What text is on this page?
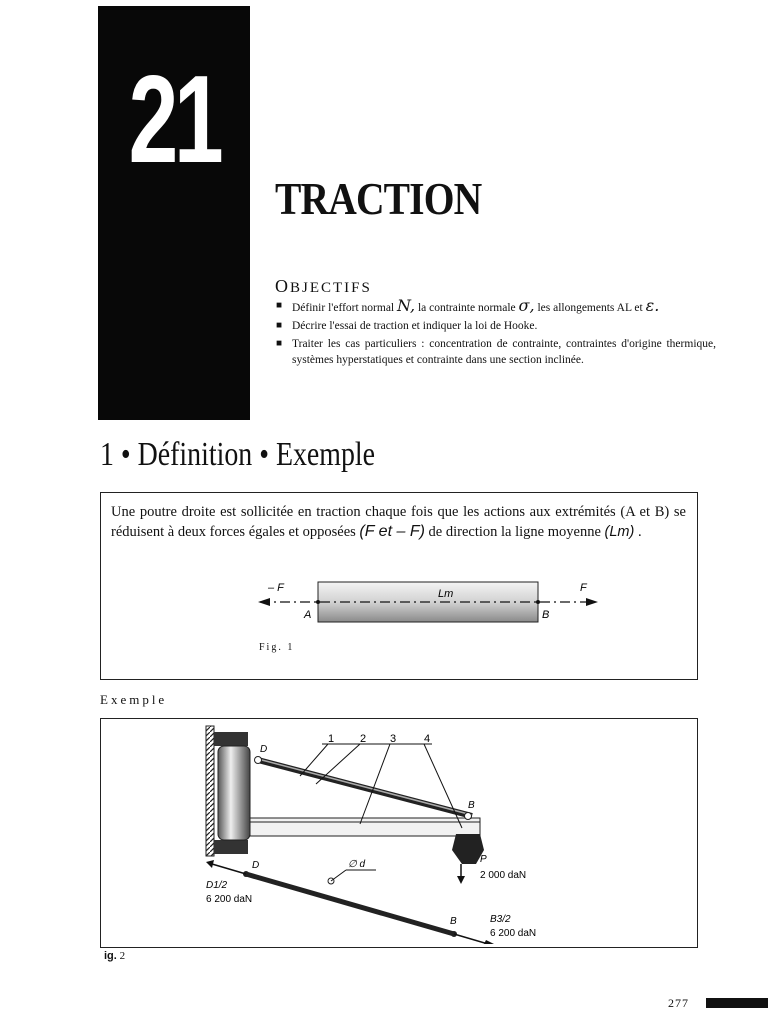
21
TRACTION
OBJECTIFS
■ Définir l'effort normal N, la contrainte normale σ, les allongements AL et ε.
■ Décrire l'essai de traction et indiquer la loi de Hooke.
■ Traiter les cas particuliers : concentration de contrainte, contraintes d'origine thermique, systèmes hyperstatiques et contrainte dans une section inclinée.
1 • Définition • Exemple
Une poutre droite est sollicitée en traction chaque fois que les actions aux extrémités (A et B) se réduisent à deux forces égales et opposées (F et – F) de direction la ligne moyenne (Lm) .
– F	F
A	B
Lm
Fig. 1
Exemple
1 2 3	4
D
B
P
2 000 daN
∅ d
D
B
D1/2
6 200 daN
B3/2
6 200 daN
ig. 2
277
